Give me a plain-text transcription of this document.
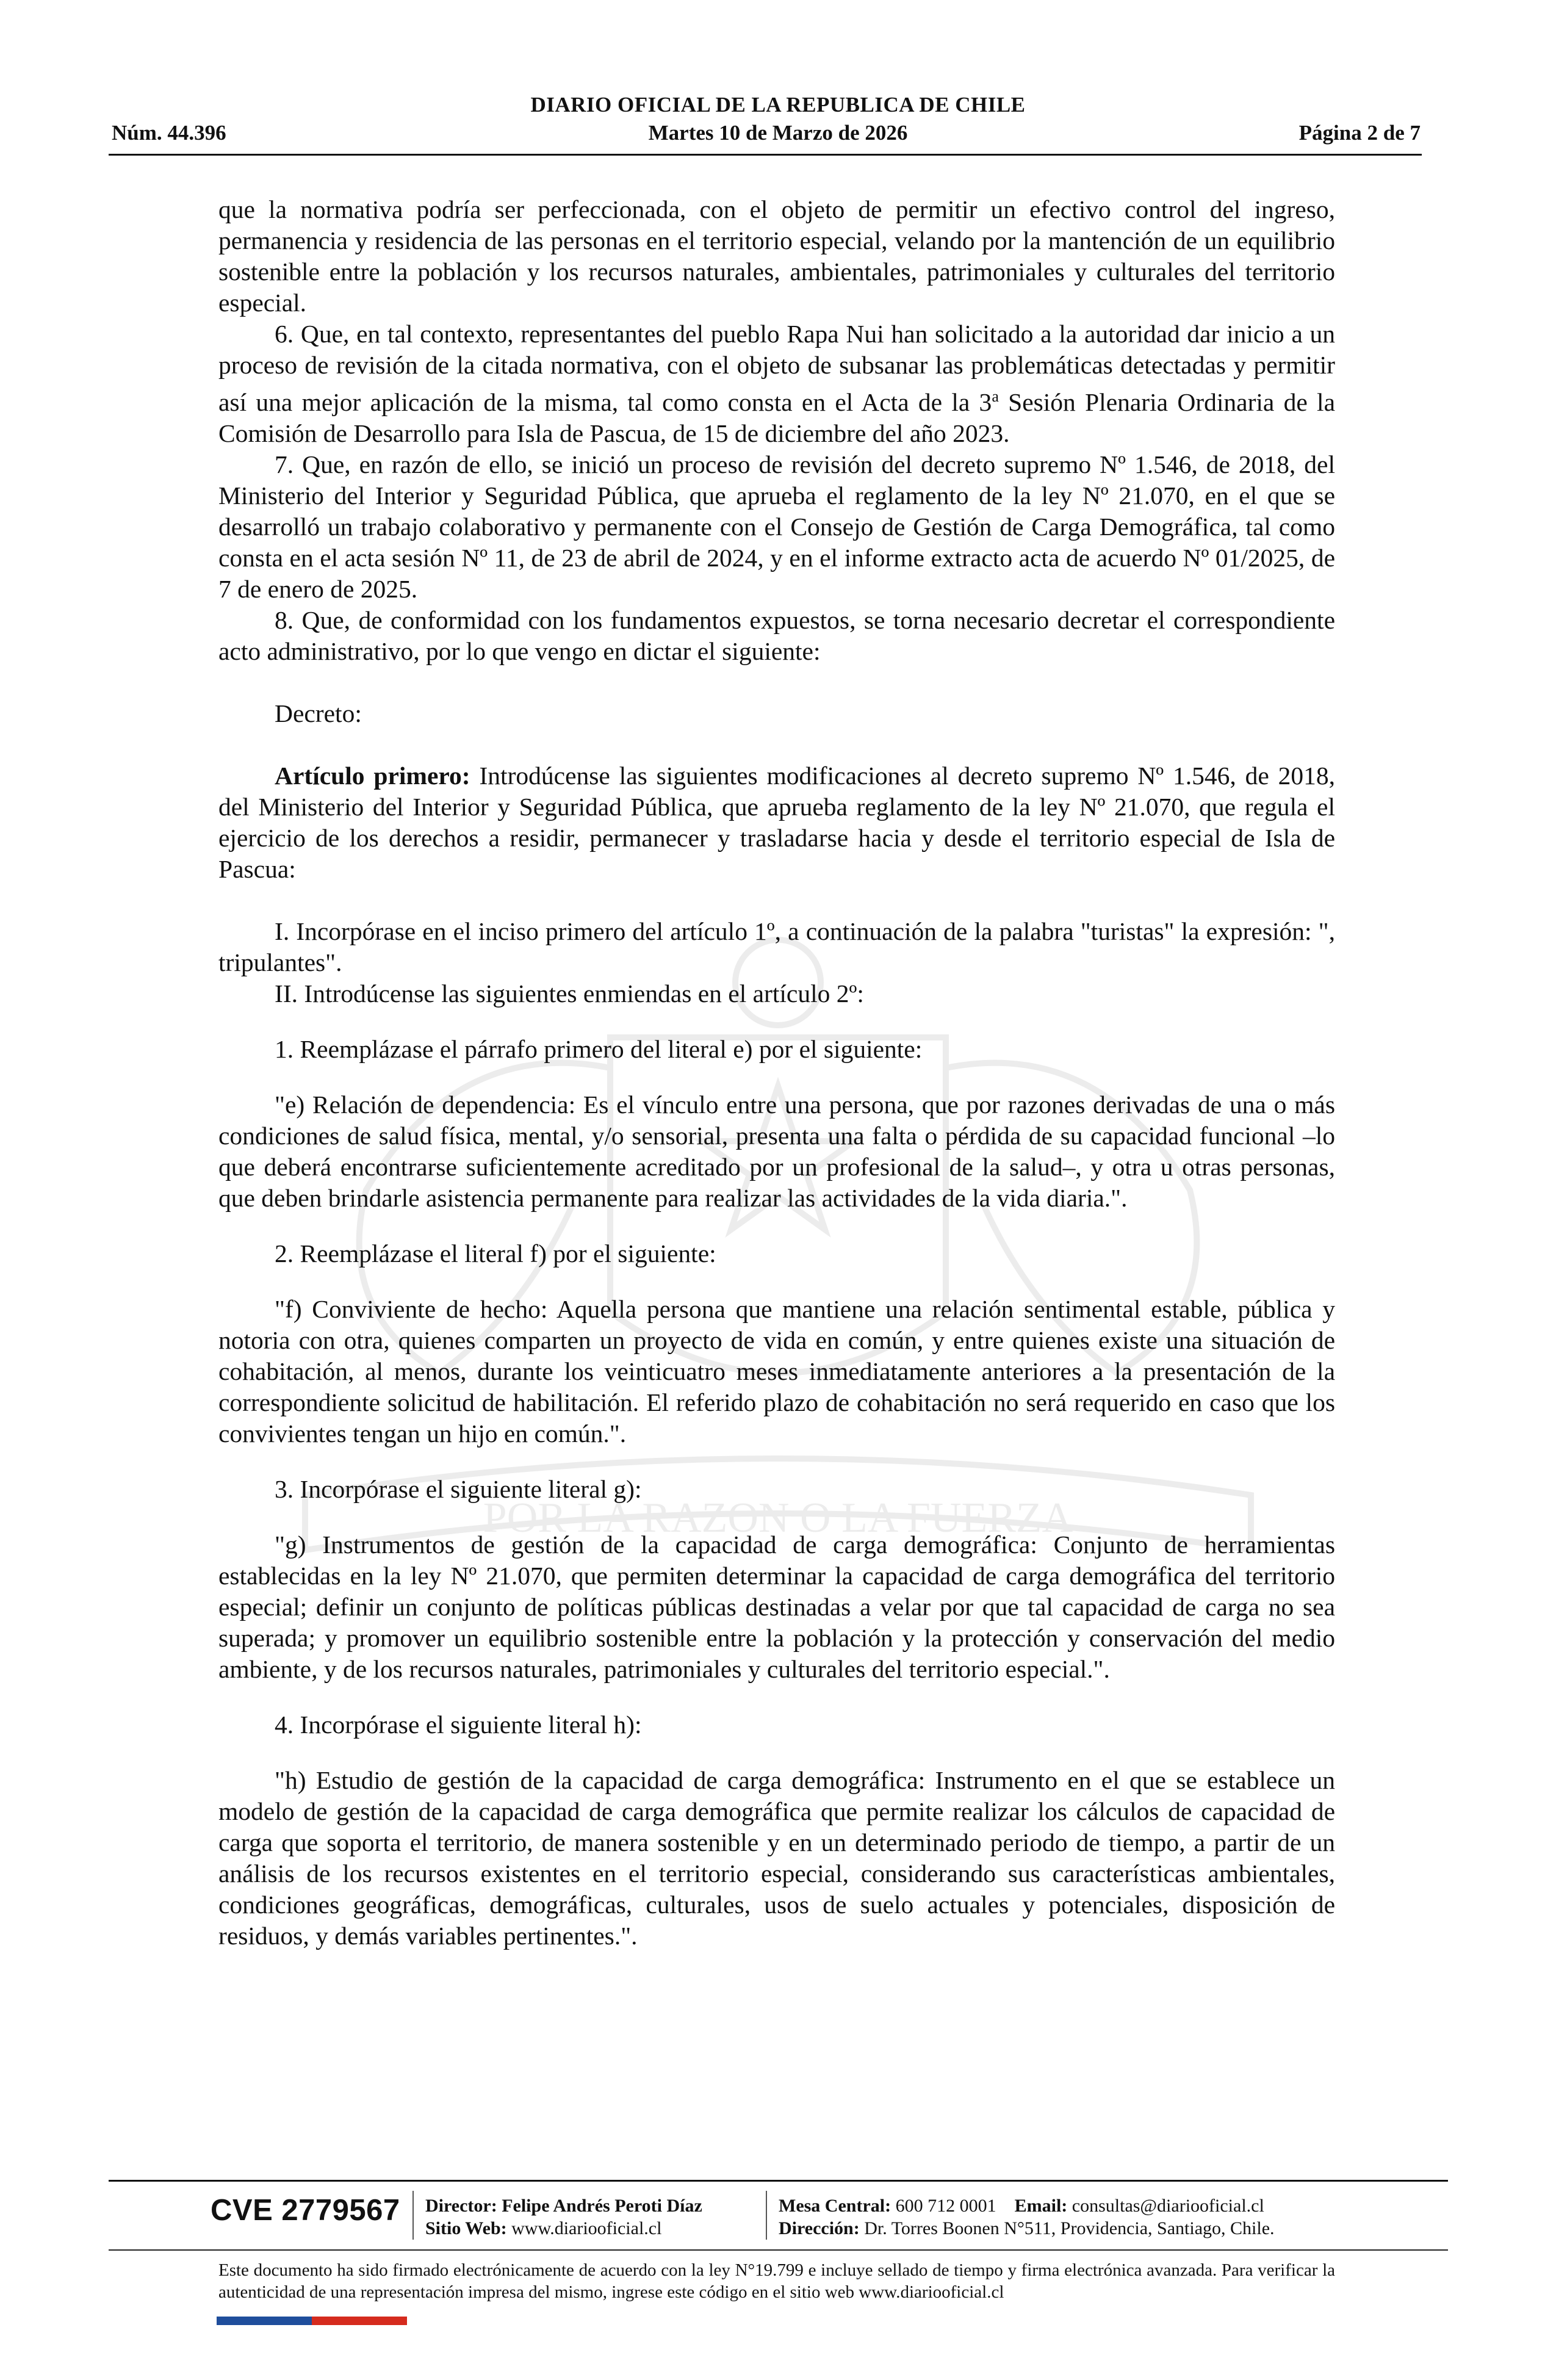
POR LA RAZON O LA FUERZA
DIARIO OFICIAL DE LA REPUBLICA DE CHILE
Núm. 44.396	Martes 10 de Marzo de 2026	Página 2 de 7

que la normativa podría ser perfeccionada, con el objeto de permitir un efectivo control del ingreso, permanencia y residencia de las personas en el territorio especial, velando por la mantención de un equilibrio sostenible entre la población y los recursos naturales, ambientales, patrimoniales y culturales del territorio especial.

6. Que, en tal contexto, representantes del pueblo Rapa Nui han solicitado a la autoridad dar inicio a un proceso de revisión de la citada normativa, con el objeto de subsanar las problemáticas detectadas y permitir así una mejor aplicación de la misma, tal como consta en el Acta de la 3$^a$ Sesión Plenaria Ordinaria de la Comisión de Desarrollo para Isla de Pascua, de 15 de diciembre del año 2023.

7. Que, en razón de ello, se inició un proceso de revisión del decreto supremo Nº 1.546, de 2018, del Ministerio del Interior y Seguridad Pública, que aprueba el reglamento de la ley Nº 21.070, en el que se desarrolló un trabajo colaborativo y permanente con el Consejo de Gestión de Carga Demográfica, tal como consta en el acta sesión Nº 11, de 23 de abril de 2024, y en el informe extracto acta de acuerdo Nº 01/2025, de 7 de enero de 2025.

8. Que, de conformidad con los fundamentos expuestos, se torna necesario decretar el correspondiente acto administrativo, por lo que vengo en dictar el siguiente:

Decreto:

Artículo primero: Introdúcense las siguientes modificaciones al decreto supremo Nº 1.546, de 2018, del Ministerio del Interior y Seguridad Pública, que aprueba reglamento de la ley Nº 21.070, que regula el ejercicio de los derechos a residir, permanecer y trasladarse hacia y desde el territorio especial de Isla de Pascua:

I. Incorpórase en el inciso primero del artículo 1º, a continuación de la palabra "turistas" la expresión: ", tripulantes".

II. Introdúcense las siguientes enmiendas en el artículo 2º:

1. Reemplázase el párrafo primero del literal e) por el siguiente:

"e) Relación de dependencia: Es el vínculo entre una persona, que por razones derivadas de una o más condiciones de salud física, mental, y/o sensorial, presenta una falta o pérdida de su capacidad funcional –lo que deberá encontrarse suficientemente acreditado por un profesional de la salud–, y otra u otras personas, que deben brindarle asistencia permanente para realizar las actividades de la vida diaria.".

2. Reemplázase el literal f) por el siguiente:

"f) Conviviente de hecho: Aquella persona que mantiene una relación sentimental estable, pública y notoria con otra, quienes comparten un proyecto de vida en común, y entre quienes existe una situación de cohabitación, al menos, durante los veinticuatro meses inmediatamente anteriores a la presentación de la correspondiente solicitud de habilitación. El referido plazo de cohabitación no será requerido en caso que los convivientes tengan un hijo en común.".

3. Incorpórase el siguiente literal g):

"g) Instrumentos de gestión de la capacidad de carga demográfica: Conjunto de herramientas establecidas en la ley Nº 21.070, que permiten determinar la capacidad de carga demográfica del territorio especial; definir un conjunto de políticas públicas destinadas a velar por que tal capacidad de carga no sea superada; y promover un equilibrio sostenible entre la población y la protección y conservación del medio ambiente, y de los recursos naturales, patrimoniales y culturales del territorio especial.".

4. Incorpórase el siguiente literal h):

"h) Estudio de gestión de la capacidad de carga demográfica: Instrumento en el que se establece un modelo de gestión de la capacidad de carga demográfica que permite realizar los cálculos de capacidad de carga que soporta el territorio, de manera sostenible y en un determinado periodo de tiempo, a partir de un análisis de los recursos existentes en el territorio especial, considerando sus características ambientales, condiciones geográficas, demográficas, culturales, usos de suelo actuales y potenciales, disposición de residuos, y demás variables pertinentes.".

CVE 2779567 Director: Felipe Andrés Peroti Díaz
Sitio Web: www.diariooficial.cl
Mesa Central: 600 712 0001 Email: consultas@diariooficial.cl
Dirección: Dr. Torres Boonen N°511, Providencia, Santiago, Chile.
Este documento ha sido firmado electrónicamente de acuerdo con la ley N°19.799 e incluye sellado de tiempo y firma electrónica avanzada. Para verificar la autenticidad de una representación impresa del mismo, ingrese este código en el sitio web www.diariooficial.cl
